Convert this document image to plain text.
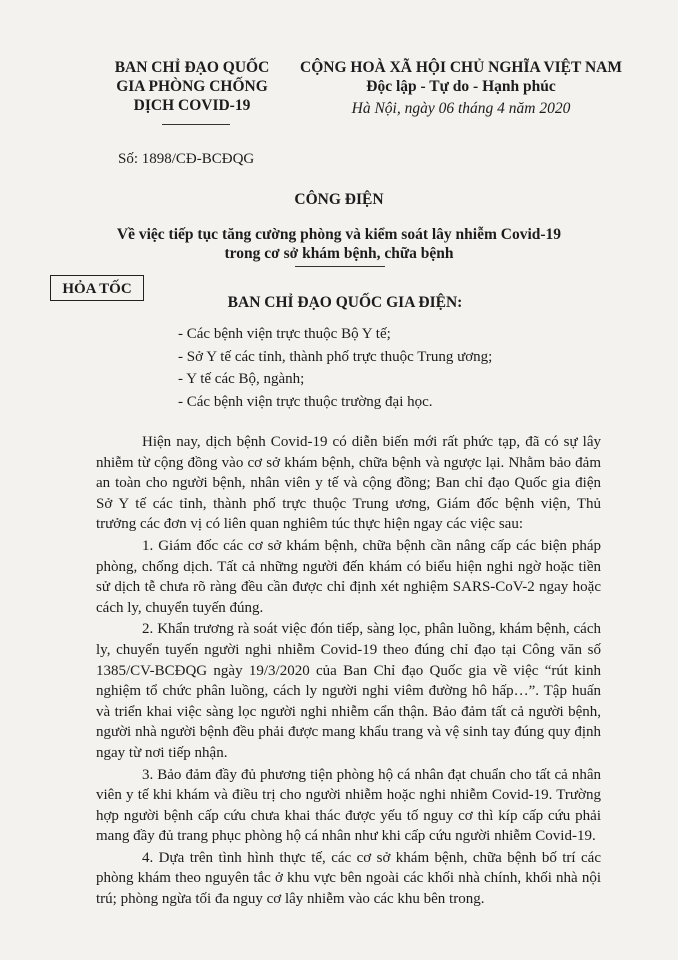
BAN CHỈ ĐẠO QUỐC
GIA PHÒNG CHỐNG
DỊCH COVID-19
CỘNG HOÀ XÃ HỘI CHỦ NGHĨA VIỆT NAM
Độc lập - Tự do - Hạnh phúc
Hà Nội, ngày 06 tháng 4 năm 2020
Số: 1898/CĐ-BCĐQG
CÔNG ĐIỆN
Về việc tiếp tục tăng cường phòng và kiểm soát lây nhiễm Covid-19
trong cơ sở khám bệnh, chữa bệnh
HỎA TỐC
BAN CHỈ ĐẠO QUỐC GIA ĐIỆN:
- Các bệnh viện trực thuộc Bộ Y tế;
- Sở Y tế các tỉnh, thành phố trực thuộc Trung ương;
- Y tế các Bộ, ngành;
- Các bệnh viện trực thuộc trường đại học.

Hiện nay, dịch bệnh Covid-19 có diễn biến mới rất phức tạp, đã có sự lây nhiễm từ cộng đồng vào cơ sở khám bệnh, chữa bệnh và ngược lại. Nhằm bảo đảm an toàn cho người bệnh, nhân viên y tế và cộng đồng; Ban chỉ đạo Quốc gia điện Sở Y tế các tỉnh, thành phố trực thuộc Trung ương, Giám đốc bệnh viện, Thủ trưởng các đơn vị có liên quan nghiêm túc thực hiện ngay các việc sau:

1. Giám đốc các cơ sở khám bệnh, chữa bệnh cần nâng cấp các biện pháp phòng, chống dịch. Tất cả những người đến khám có biểu hiện nghi ngờ hoặc tiền sử dịch tễ chưa rõ ràng đều cần được chỉ định xét nghiệm SARS-CoV-2 ngay hoặc cách ly, chuyển tuyến đúng.

2. Khẩn trương rà soát việc đón tiếp, sàng lọc, phân luồng, khám bệnh, cách ly, chuyển tuyến người nghi nhiễm Covid-19 theo đúng chỉ đạo tại Công văn số 1385/CV-BCĐQG ngày 19/3/2020 của Ban Chỉ đạo Quốc gia về việc “rút kinh nghiệm tổ chức phân luồng, cách ly người nghi viêm đường hô hấp…”. Tập huấn và triển khai việc sàng lọc người nghi nhiễm cẩn thận. Bảo đảm tất cả người bệnh, người nhà người bệnh đều phải được mang khẩu trang và vệ sinh tay đúng quy định ngay từ nơi tiếp nhận.

3. Bảo đảm đầy đủ phương tiện phòng hộ cá nhân đạt chuẩn cho tất cả nhân viên y tế khi khám và điều trị cho người nhiễm hoặc nghi nhiễm Covid-19. Trường hợp người bệnh cấp cứu chưa khai thác được yếu tố nguy cơ thì kíp cấp cứu phải mang đầy đủ trang phục phòng hộ cá nhân như khi cấp cứu người nhiễm Covid-19.

4. Dựa trên tình hình thực tế, các cơ sở khám bệnh, chữa bệnh bố trí các phòng khám theo nguyên tắc ở khu vực bên ngoài các khối nhà chính, khối nhà nội trú; phòng ngừa tối đa nguy cơ lây nhiễm vào các khu bên trong.
